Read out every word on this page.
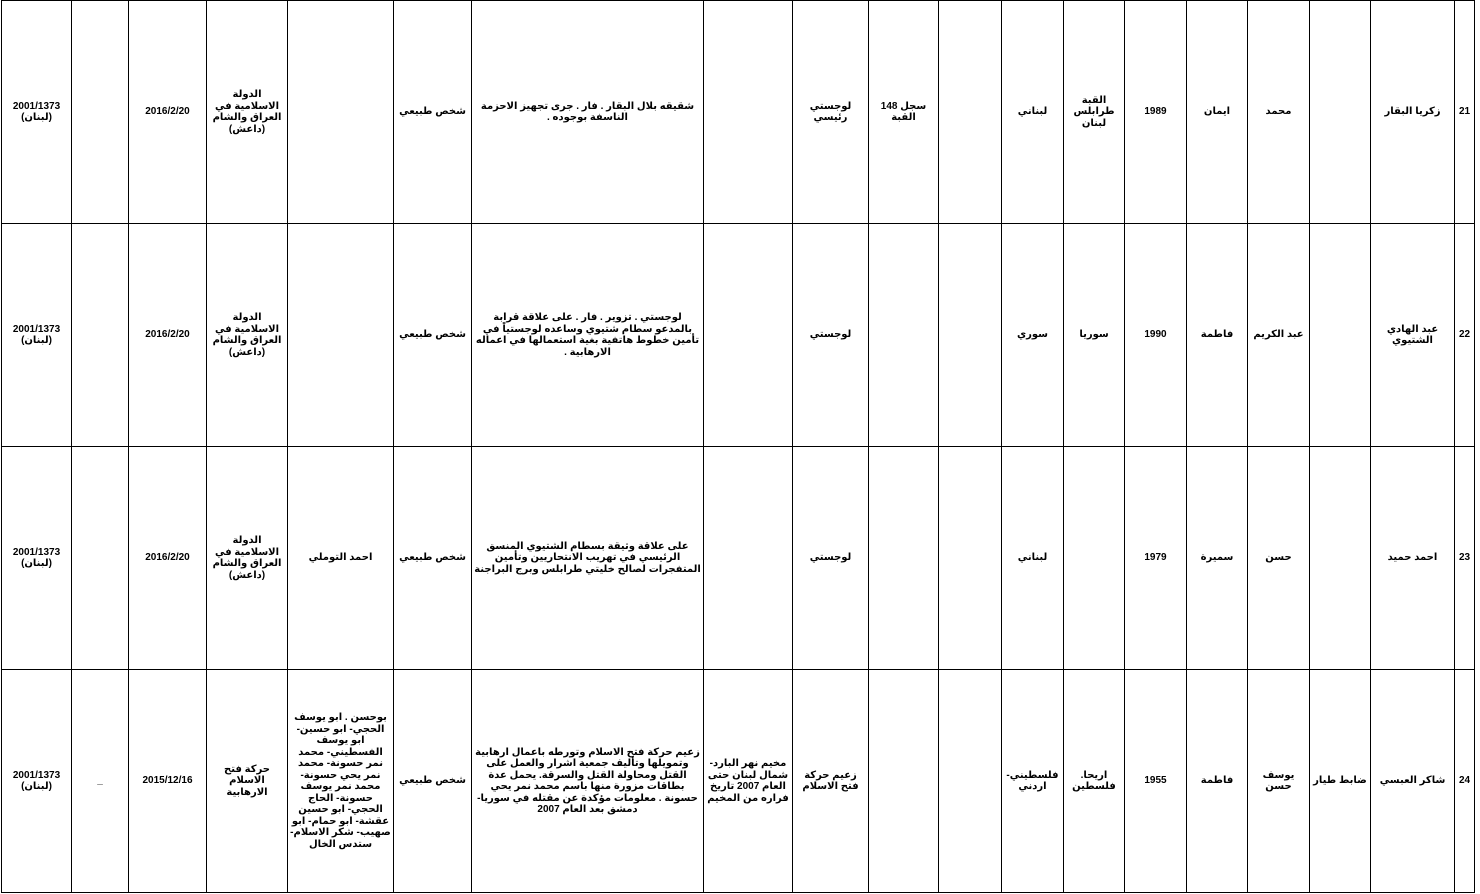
21	زكريا البقار		محمد	ايمان	1989	القبة طرابلس لبنان	لبناني		سجل 148 القبة	لوجستي رئيسي		شقيقه بلال البقار . فار . جرى تجهيز الاحزمة الناسفة بوجوده .	شخص طبيعي		الدولة الاسلامية في العراق والشام (داعش)	2016/2/20		2001/1373 (لبنان)
22	عبد الهادي الشتيوي		عبد الكريم	فاطمة	1990	سوريا	سوري			لوجستي		لوجستي . تزوير . فار . على علاقة قرابة بالمدعو سطام شتيوي وساعده لوجستياً في تأمين خطوط هاتفية بغية استعمالها في اعماله الارهابية .	شخص طبيعي		الدولة الاسلامية في العراق والشام (داعش)	2016/2/20		2001/1373 (لبنان)
23	احمد حميد		حسن	سميرة	1979		لبناني			لوجستي		على علاقة وثيقة بسطام الشتيوي المنسق الرئيسي في تهريب الانتحاريين وتأمين المتفجرات لصالح خليتي طرابلس وبرج البراجنة	شخص طبيعي	احمد التوملي	الدولة الاسلامية في العراق والشام (داعش)	2016/2/20		2001/1373 (لبنان)
24	شاكر العبسي	ضابط طيار	يوسف حسن	فاطمة	1955	اريحا. فلسطين	فلسطيني- اردني			زعيم حركة فتح الاسلام	مخيم نهر البارد- شمال لبنان حتى العام 2007 تاريخ فراره من المخيم	زعيم حركة فتح الاسلام وتورطه باعمال ارهابية وتمويلها وتأليف جمعية اشرار والعمل على القتل ومحاولة القتل والسرقة. يحمل عدة بطاقات مزورة منها باسم محمد نمر يحي حسونة . معلومات مؤكدة عن مقتله في سوريا- دمشق بعد العام 2007	شخص طبيعي	بوحسن . ابو يوسف الحجي- ابو حسين- ابو يوسف الفسطيني- محمد نمر حسونة- محمد نمر يحي حسونة- محمد نمر يوسف حسونة- الحاج الحجي- ابو حسين عقشة- ابو حمام- ابو صهيب- شكر الاسلام- ستدس الخال	حركة فتح الاسلام الارهابية	2015/12/16	_	2001/1373 (لبنان)
